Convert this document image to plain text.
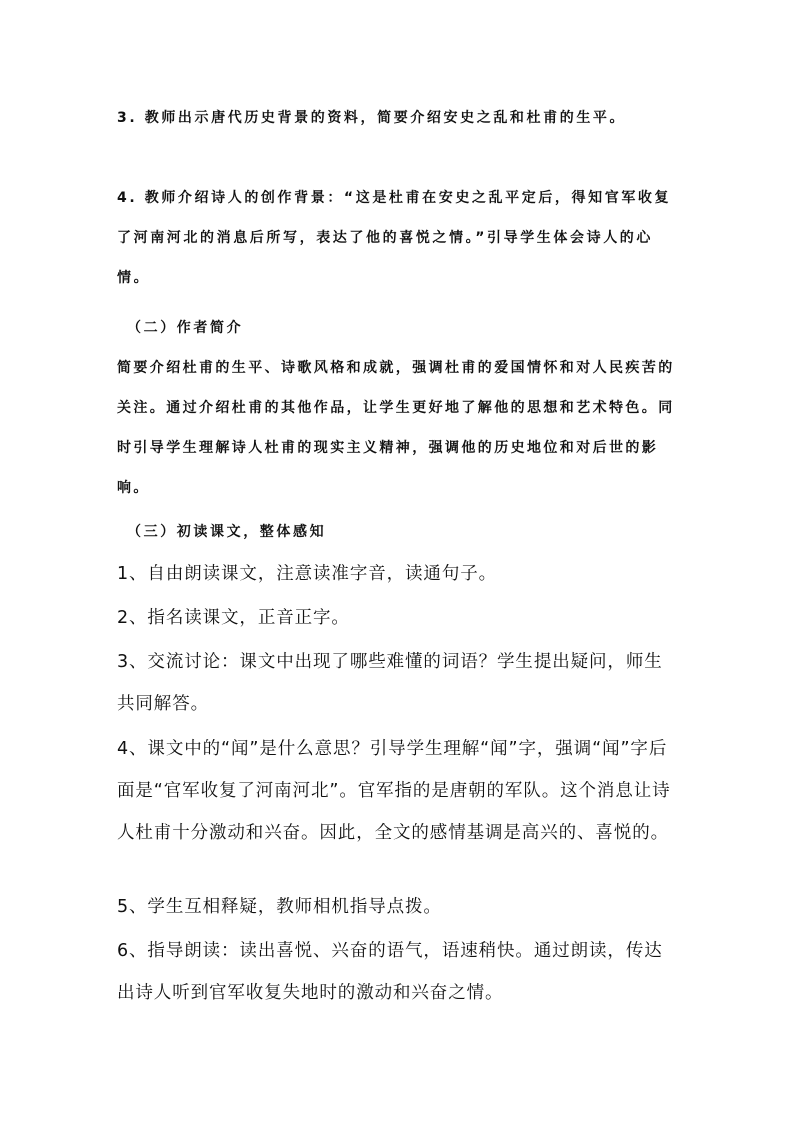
3. 教师出示唐代历史背景的资料，简要介绍安史之乱和杜甫的生平。

4. 教师介绍诗人的创作背景：“这是杜甫在安史之乱平定后，得知官军收复了河南河北的消息后所写，表达了他的喜悦之情。”引导学生体会诗人的心情。

（二）作者简介

简要介绍杜甫的生平、诗歌风格和成就，强调杜甫的爱国情怀和对人民疾苦的关注。通过介绍杜甫的其他作品，让学生更好地了解他的思想和艺术特色。同时引导学生理解诗人杜甫的现实主义精神，强调他的历史地位和对后世的影响。

（三）初读课文，整体感知

1、自由朗读课文，注意读准字音，读通句子。

2、指名读课文，正音正字。

3、交流讨论：课文中出现了哪些难懂的词语？学生提出疑问，师生共同解答。

4、课文中的“闻”是什么意思？引导学生理解“闻”字，强调“闻”字后面是“官军收复了河南河北”。官军指的是唐朝的军队。这个消息让诗人杜甫十分激动和兴奋。因此，全文的感情基调是高兴的、喜悦的。

5、学生互相释疑，教师相机指导点拨。

6、指导朗读：读出喜悦、兴奋的语气，语速稍快。通过朗读，传达出诗人听到官军收复失地时的激动和兴奋之情。
